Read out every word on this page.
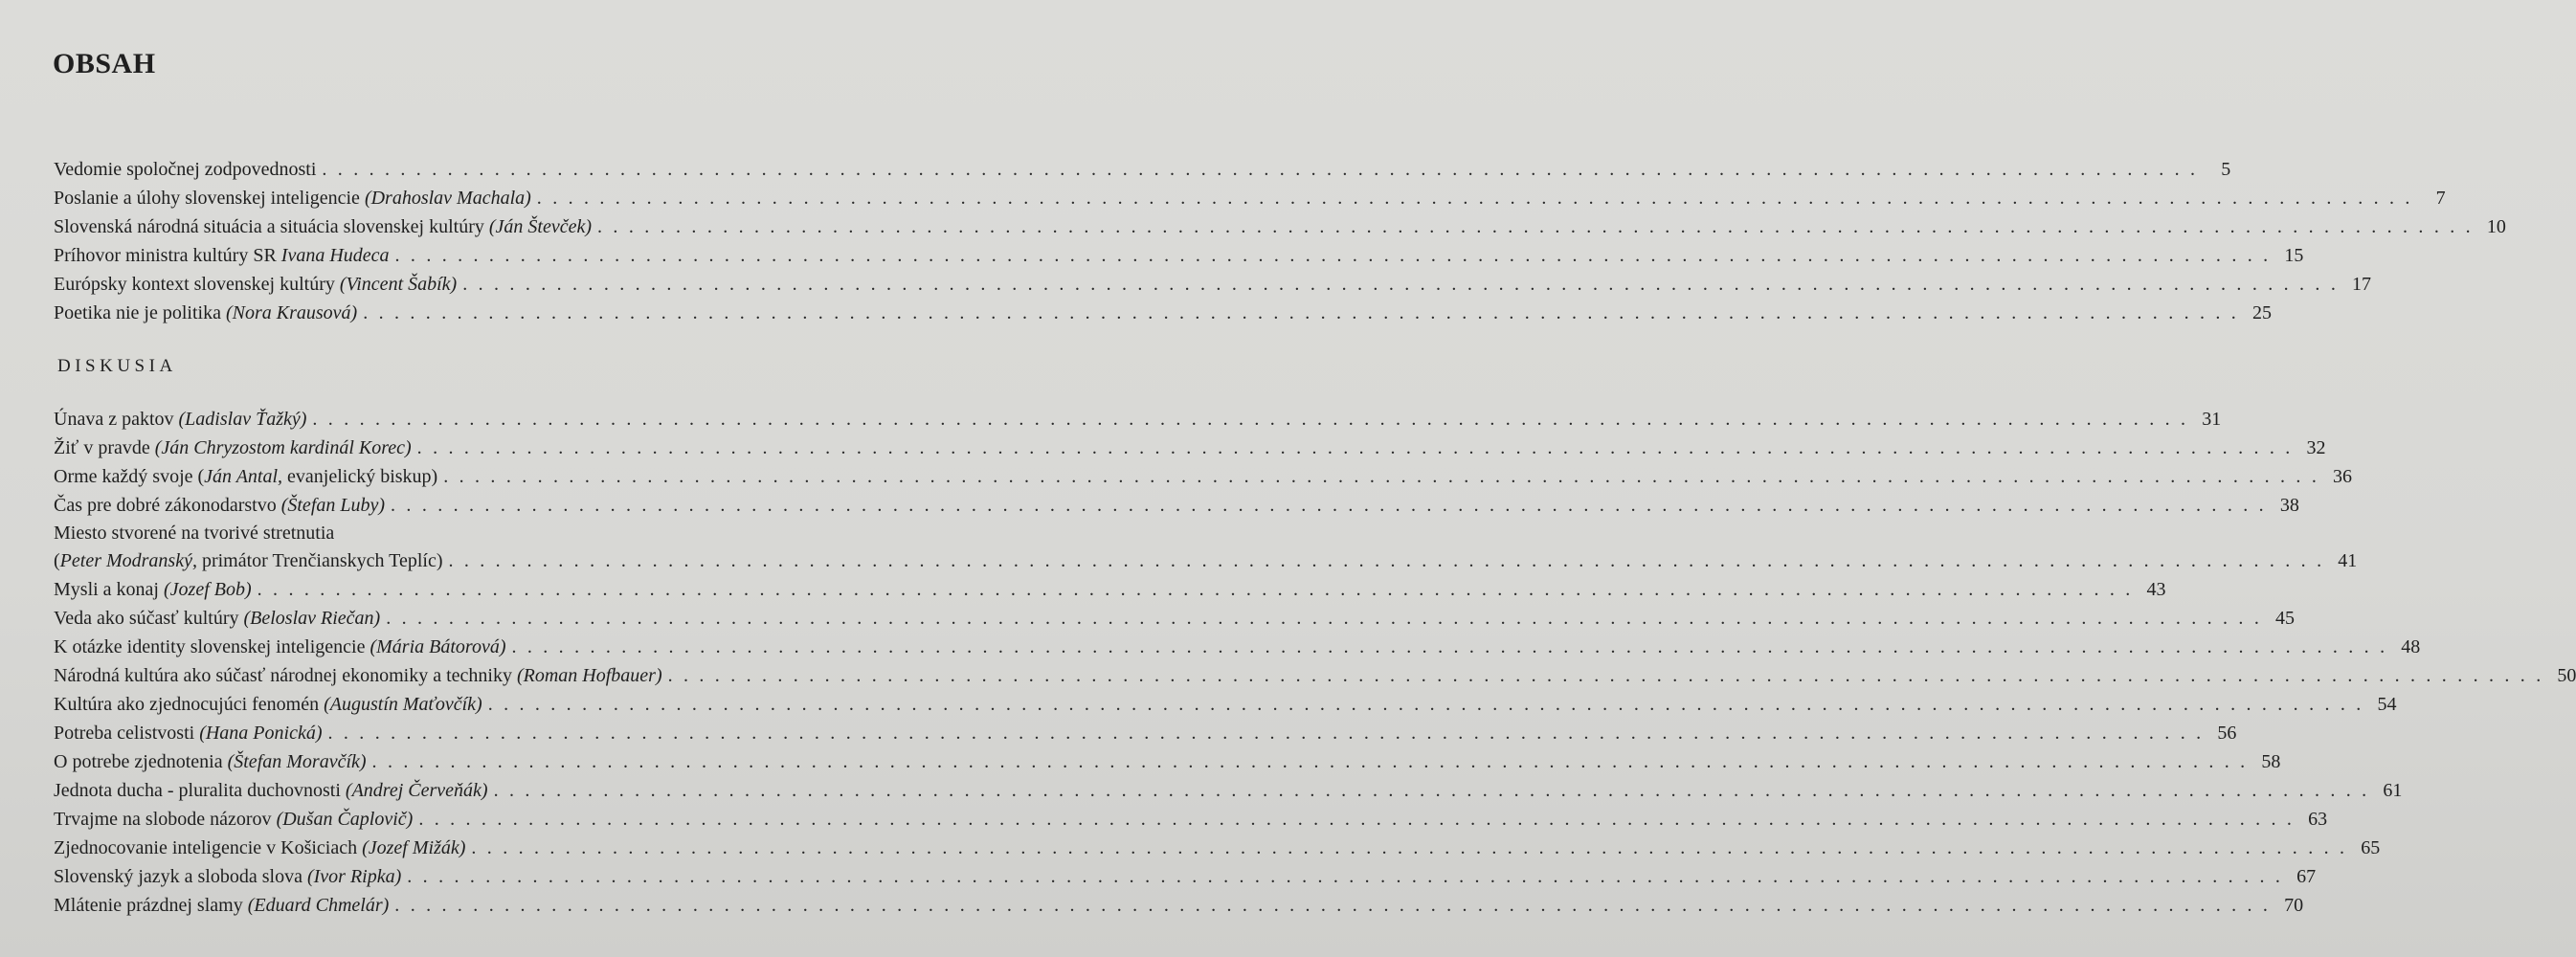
OBSAH
Vedomie spoločnej zodpovednosti . . . . . . . . . . . . . . . . . . . . . . . . . . . . . . . . . . . . . . . . . . . . . . . . . . . . . . . . . . . . . . . . . . . . . . . . . . . . . . . . . . . . . . . . . . . . . . . . . . . . . . . . . . . . . . . . . . . . . . . .	5
Poslanie a úlohy slovenskej inteligencie (Drahoslav Machala) . . . . . . . . . . . . . . . . . . . . . . . . . . . . . . . . . . . . . . . . . . . . . . . . . . . . . . . . . . . . . . . . . . . . . . . . . . . . . . . . . . . . . . . . . . . . . . . . . . . . . . . . . . . . . . . . . . . . . . . .	7
Slovenská národná situácia a situácia slovenskej kultúry (Ján Števček) . . . . . . . . . . . . . . . . . . . . . . . . . . . . . . . . . . . . . . . . . . . . . . . . . . . . . . . . . . . . . . . . . . . . . . . . . . . . . . . . . . . . . . . . . . . . . . . . . . . . . . . . . . . . . . . . . . . . . . . . 10
Príhovor ministra kultúry SR Ivana Hudeca . . . . . . . . . . . . . . . . . . . . . . . . . . . . . . . . . . . . . . . . . . . . . . . . . . . . . . . . . . . . . . . . . . . . . . . . . . . . . . . . . . . . . . . . . . . . . . . . . . . . . . . . . . . . . . . . . . . . . . . . 15
Európsky kontext slovenskej kultúry (Vincent Šabík) . . . . . . . . . . . . . . . . . . . . . . . . . . . . . . . . . . . . . . . . . . . . . . . . . . . . . . . . . . . . . . . . . . . . . . . . . . . . . . . . . . . . . . . . . . . . . . . . . . . . . . . . . . . . . . . . . . . . . . . . 17
Poetika nie je politika (Nora Krausová) . . . . . . . . . . . . . . . . . . . . . . . . . . . . . . . . . . . . . . . . . . . . . . . . . . . . . . . . . . . . . . . . . . . . . . . . . . . . . . . . . . . . . . . . . . . . . . . . . . . . . . . . . . . . . . . . . . . . . . . . 25
DISKUSIA
Únava z paktov (Ladislav Ťažký) . . . . . . . . . . . . . . . . . . . . . . . . . . . . . . . . . . . . . . . . . . . . . . . . . . . . . . . . . . . . . . . . . . . . . . . . . . . . . . . . . . . . . . . . . . . . . . . . . . . . . . . . . . . . . . . . . . . . . . . . 31
Žiť v pravde (Ján Chryzostom kardinál Korec) . . . . . . . . . . . . . . . . . . . . . . . . . . . . . . . . . . . . . . . . . . . . . . . . . . . . . . . . . . . . . . . . . . . . . . . . . . . . . . . . . . . . . . . . . . . . . . . . . . . . . . . . . . . . . . . . . . . . . . . . 32
Orme každý svoje (Ján Antal, evanjelický biskup) . . . . . . . . . . . . . . . . . . . . . . . . . . . . . . . . . . . . . . . . . . . . . . . . . . . . . . . . . . . . . . . . . . . . . . . . . . . . . . . . . . . . . . . . . . . . . . . . . . . . . . . . . . . . . . . . . . . . . . . . 36
Čas pre dobré zákonodarstvo (Štefan Luby) . . . . . . . . . . . . . . . . . . . . . . . . . . . . . . . . . . . . . . . . . . . . . . . . . . . . . . . . . . . . . . . . . . . . . . . . . . . . . . . . . . . . . . . . . . . . . . . . . . . . . . . . . . . . . . . . . . . . . . . . 38
Miesto stvorené na tvorivé stretnutia
(Peter Modranský, primátor Trenčianskych Teplíc) . . . . . . . . . . . . . . . . . . . . . . . . . . . . . . . . . . . . . . . . . . . . . . . . . . . . . . . . . . . . . . . . . . . . . . . . . . . . . . . . . . . . . . . . . . . . . . . . . . . . . . . . . . . . . . . . . . . . . . . . 41
Mysli a konaj (Jozef Bob) . . . . . . . . . . . . . . . . . . . . . . . . . . . . . . . . . . . . . . . . . . . . . . . . . . . . . . . . . . . . . . . . . . . . . . . . . . . . . . . . . . . . . . . . . . . . . . . . . . . . . . . . . . . . . . . . . . . . . . . . 43
Veda ako súčasť kultúry (Beloslav Riečan) . . . . . . . . . . . . . . . . . . . . . . . . . . . . . . . . . . . . . . . . . . . . . . . . . . . . . . . . . . . . . . . . . . . . . . . . . . . . . . . . . . . . . . . . . . . . . . . . . . . . . . . . . . . . . . . . . . . . . . . . 45
K otázke identity slovenskej inteligencie (Mária Bátorová) . . . . . . . . . . . . . . . . . . . . . . . . . . . . . . . . . . . . . . . . . . . . . . . . . . . . . . . . . . . . . . . . . . . . . . . . . . . . . . . . . . . . . . . . . . . . . . . . . . . . . . . . . . . . . . . . . . . . . . . . 48
Národná kultúra ako súčasť národnej ekonomiky a techniky (Roman Hofbauer) . . . . . . . . . . . . . . . . . . . . . . . . . . . . . . . . . . . . . . . . . . . . . . . . . . . . . . . . . . . . . . . . . . . . . . . . . . . . . . . . . . . . . . . . . . . . . . . . . . . . . . . . . . . . . . . . . . . . . . . . 50
Kultúra ako zjednocujúci fenomén (Augustín Maťovčík) . . . . . . . . . . . . . . . . . . . . . . . . . . . . . . . . . . . . . . . . . . . . . . . . . . . . . . . . . . . . . . . . . . . . . . . . . . . . . . . . . . . . . . . . . . . . . . . . . . . . . . . . . . . . . . . . . . . . . . . . 54
Potreba celistvosti (Hana Ponická) . . . . . . . . . . . . . . . . . . . . . . . . . . . . . . . . . . . . . . . . . . . . . . . . . . . . . . . . . . . . . . . . . . . . . . . . . . . . . . . . . . . . . . . . . . . . . . . . . . . . . . . . . . . . . . . . . . . . . . . . 56
O potrebe zjednotenia (Štefan Moravčík) . . . . . . . . . . . . . . . . . . . . . . . . . . . . . . . . . . . . . . . . . . . . . . . . . . . . . . . . . . . . . . . . . . . . . . . . . . . . . . . . . . . . . . . . . . . . . . . . . . . . . . . . . . . . . . . . . . . . . . . . 58
Jednota ducha - pluralita duchovnosti (Andrej Červeňák) . . . . . . . . . . . . . . . . . . . . . . . . . . . . . . . . . . . . . . . . . . . . . . . . . . . . . . . . . . . . . . . . . . . . . . . . . . . . . . . . . . . . . . . . . . . . . . . . . . . . . . . . . . . . . . . . . . . . . . . . 61
Trvajme na slobode názorov (Dušan Čaplovič) . . . . . . . . . . . . . . . . . . . . . . . . . . . . . . . . . . . . . . . . . . . . . . . . . . . . . . . . . . . . . . . . . . . . . . . . . . . . . . . . . . . . . . . . . . . . . . . . . . . . . . . . . . . . . . . . . . . . . . . . 63
Zjednocovanie inteligencie v Košiciach (Jozef Mižák) . . . . . . . . . . . . . . . . . . . . . . . . . . . . . . . . . . . . . . . . . . . . . . . . . . . . . . . . . . . . . . . . . . . . . . . . . . . . . . . . . . . . . . . . . . . . . . . . . . . . . . . . . . . . . . . . . . . . . . . . 65
Slovenský jazyk a sloboda slova (Ivor Ripka) . . . . . . . . . . . . . . . . . . . . . . . . . . . . . . . . . . . . . . . . . . . . . . . . . . . . . . . . . . . . . . . . . . . . . . . . . . . . . . . . . . . . . . . . . . . . . . . . . . . . . . . . . . . . . . . . . . . . . . . . 67
Mlátenie prázdnej slamy (Eduard Chmelár) . . . . . . . . . . . . . . . . . . . . . . . . . . . . . . . . . . . . . . . . . . . . . . . . . . . . . . . . . . . . . . . . . . . . . . . . . . . . . . . . . . . . . . . . . . . . . . . . . . . . . . . . . . . . . . . . . . . . . . . . 70
